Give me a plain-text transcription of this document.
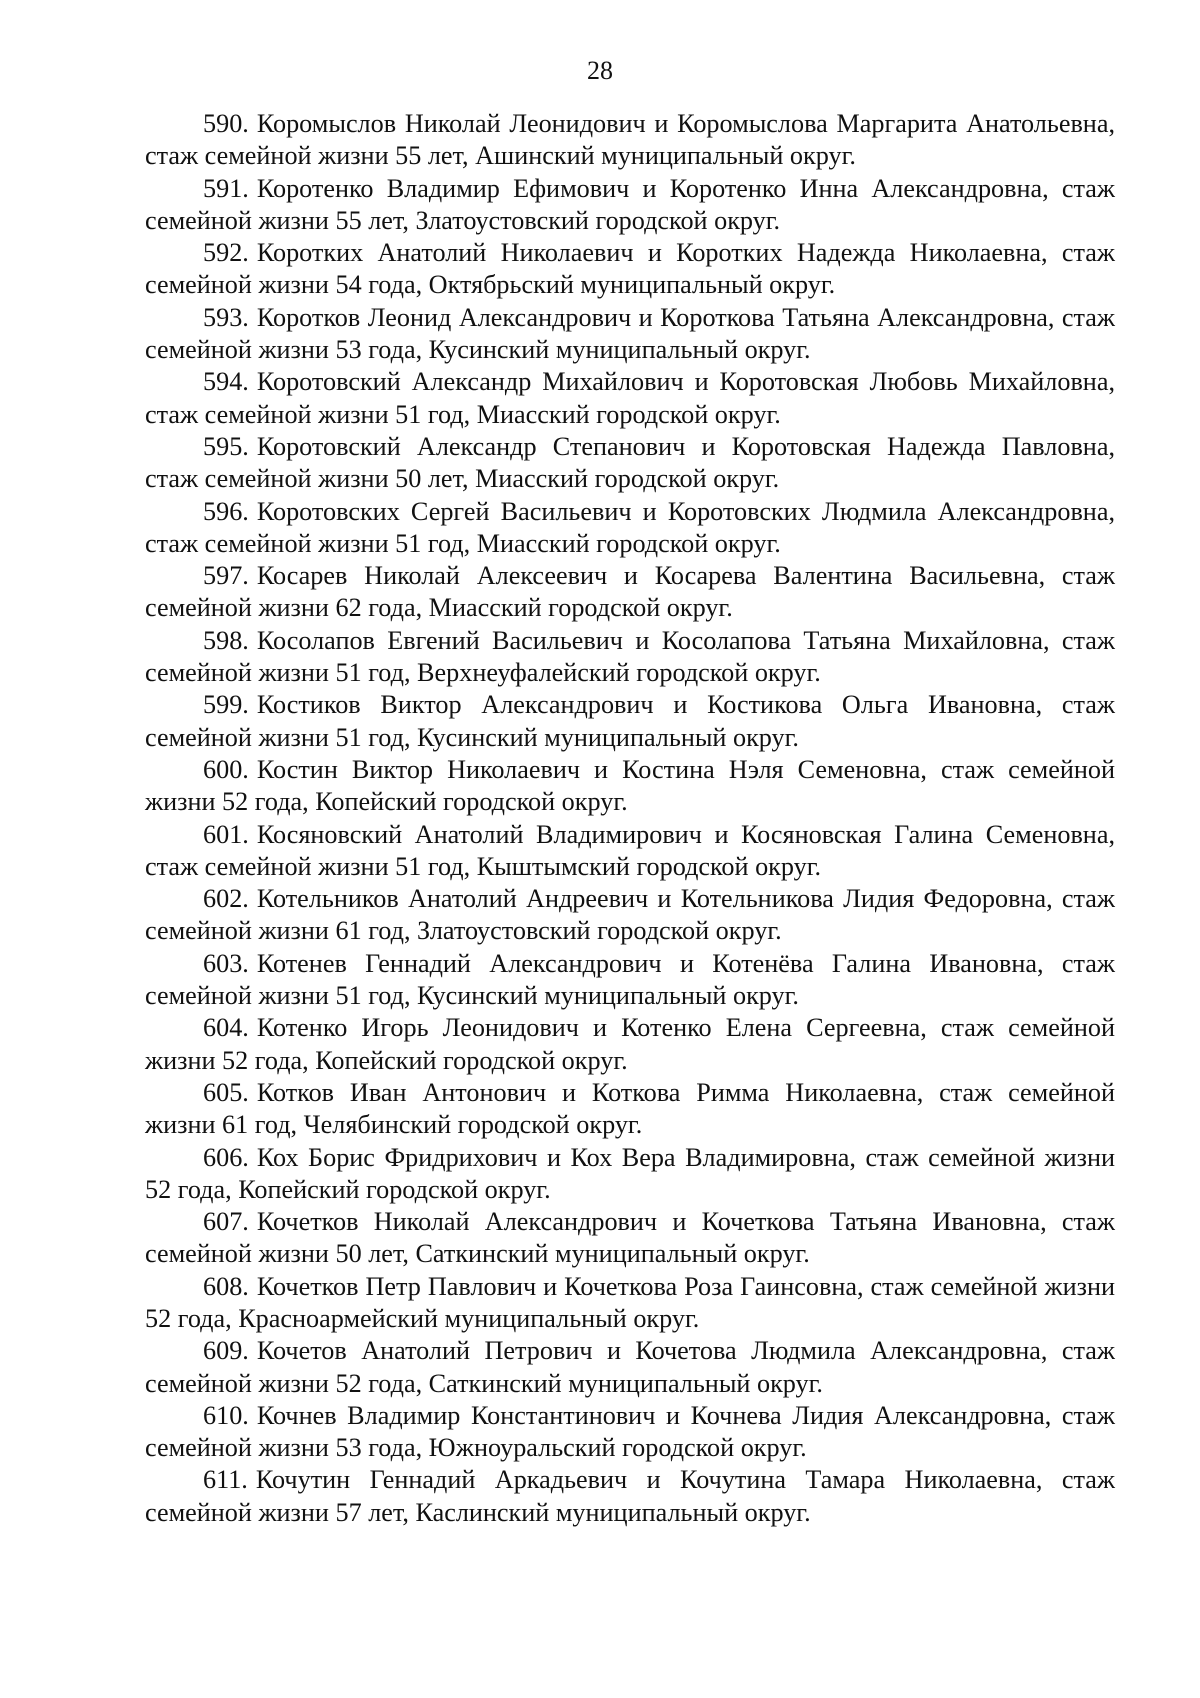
28

590. Коромыслов Николай Леонидович и Коромыслова Маргарита Анатольевна, стаж семейной жизни 55 лет, Ашинский муниципальный округ.

591. Коротенко Владимир Ефимович и Коротенко Инна Александровна, стаж семейной жизни 55 лет, Златоустовский городской округ.

592. Коротких Анатолий Николаевич и Коротких Надежда Николаевна, стаж семейной жизни 54 года, Октябрьский муниципальный округ.

593. Коротков Леонид Александрович и Короткова Татьяна Александровна, стаж семейной жизни 53 года, Кусинский муниципальный округ.

594. Коротовский Александр Михайлович и Коротовская Любовь Михайловна, стаж семейной жизни 51 год, Миасский городской округ.

595. Коротовский Александр Степанович и Коротовская Надежда Павловна, стаж семейной жизни 50 лет, Миасский городской округ.

596. Коротовских Сергей Васильевич и Коротовских Людмила Александровна, стаж семейной жизни 51 год, Миасский городской округ.

597. Косарев Николай Алексеевич и Косарева Валентина Васильевна, стаж семейной жизни 62 года, Миасский городской округ.

598. Косолапов Евгений Васильевич и Косолапова Татьяна Михайловна, стаж семейной жизни 51 год, Верхнеуфалейский городской округ.

599. Костиков Виктор Александрович и Костикова Ольга Ивановна, стаж семейной жизни 51 год, Кусинский муниципальный округ.

600. Костин Виктор Николаевич и Костина Нэля Семеновна, стаж семейной жизни 52 года, Копейский городской округ.

601. Косяновский Анатолий Владимирович и Косяновская Галина Семеновна, стаж семейной жизни 51 год, Кыштымский городской округ.

602. Котельников Анатолий Андреевич и Котельникова Лидия Федоровна, стаж семейной жизни 61 год, Златоустовский городской округ.

603. Котенев Геннадий Александрович и Котенёва Галина Ивановна, стаж семейной жизни 51 год, Кусинский муниципальный округ.

604. Котенко Игорь Леонидович и Котенко Елена Сергеевна, стаж семейной жизни 52 года, Копейский городской округ.

605. Котков Иван Антонович и Коткова Римма Николаевна, стаж семейной жизни 61 год, Челябинский городской округ.

606. Кох Борис Фридрихович и Кох Вера Владимировна, стаж семейной жизни 52 года, Копейский городской округ.

607. Кочетков Николай Александрович и Кочеткова Татьяна Ивановна, стаж семейной жизни 50 лет, Саткинский муниципальный округ.

608. Кочетков Петр Павлович и Кочеткова Роза Гаинсовна, стаж семейной жизни 52 года, Красноармейский муниципальный округ.

609. Кочетов Анатолий Петрович и Кочетова Людмила Александровна, стаж семейной жизни 52 года, Саткинский муниципальный округ.

610. Кочнев Владимир Константинович и Кочнева Лидия Александровна, стаж семейной жизни 53 года, Южноуральский городской округ.

611. Кочутин Геннадий Аркадьевич и Кочутина Тамара Николаевна, стаж семейной жизни 57 лет, Каслинский муниципальный округ.
